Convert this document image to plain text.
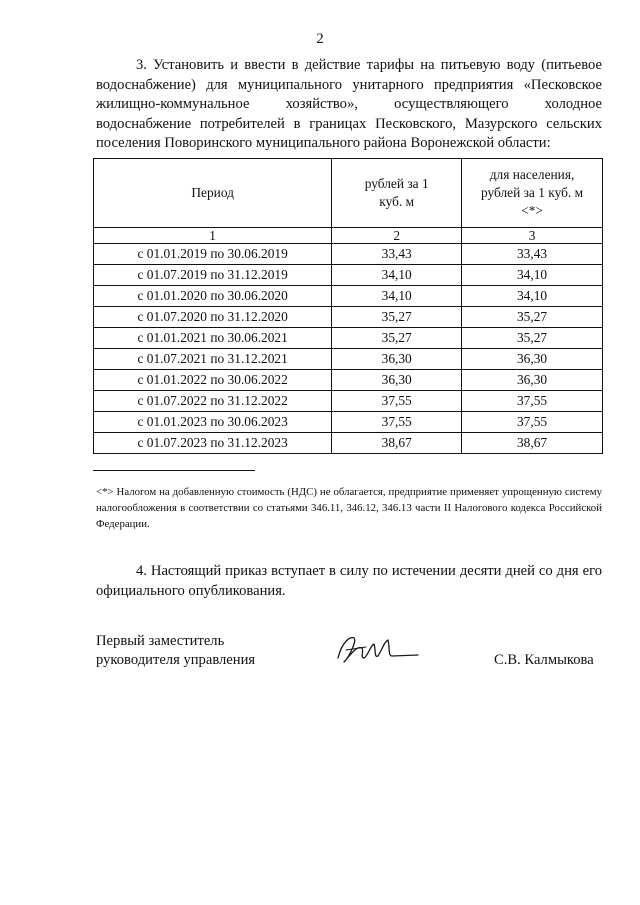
2
3. Установить и ввести в действие тарифы на питьевую воду (питьевое водоснабжение) для муниципального унитарного предприятия «Песковское жилищно-коммунальное хозяйство», осуществляющего холодное водоснабжение потребителей в границах Песковского, Мазурского сельских поселения Поворинского муниципального района Воронежской области:
Период	рублей за 1 куб. м	для населения, рублей за 1 куб. м <*>

1	2	3
с 01.01.2019 по 30.06.2019	33,43	33,43
с 01.07.2019 по 31.12.2019	34,10	34,10
с 01.01.2020 по 30.06.2020	34,10	34,10
с 01.07.2020 по 31.12.2020	35,27	35,27
с 01.01.2021 по 30.06.2021	35,27	35,27
с 01.07.2021 по 31.12.2021	36,30	36,30
с 01.01.2022 по 30.06.2022	36,30	36,30
с 01.07.2022 по 31.12.2022	37,55	37,55
с 01.01.2023 по 30.06.2023	37,55	37,55
с 01.07.2023 по 31.12.2023	38,67	38,67
<*> Налогом на добавленную стоимость (НДС) не облагается, предприятие применяет упрощенную систему налогообложения в соответствии со статьями 346.11, 346.12, 346.13 части II Налогового кодекса Российской Федерации.
4. Настоящий приказ вступает в силу по истечении десяти дней со дня его официального опубликования.
Первый заместитель
руководителя управления	С.В. Калмыкова
